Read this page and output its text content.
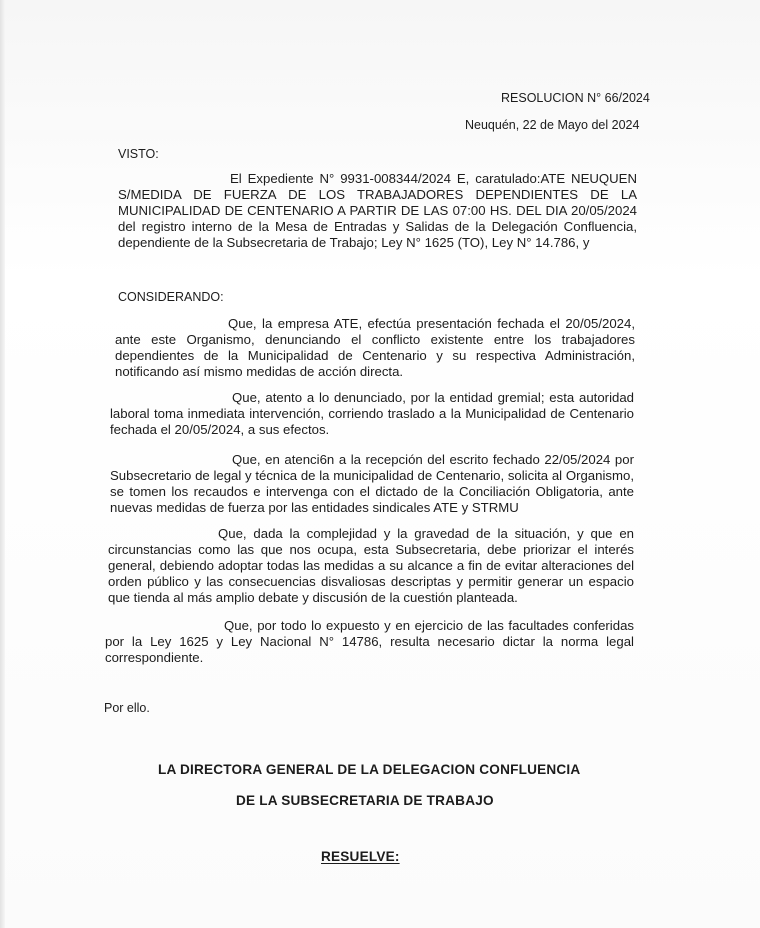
RESOLUCION N° 66/2024
Neuquén, 22 de Mayo del 2024
VISTO:
El Expediente N° 9931-008344/2024 E, caratulado:ATE NEUQUEN
S/MEDIDA DE FUERZA DE LOS TRABAJADORES DEPENDIENTES DE LA
MUNICIPALIDAD DE CENTENARIO A PARTIR DE LAS 07:00 HS. DEL DIA 20/05/2024
del registro interno de la Mesa de Entradas y Salidas de la Delegación Confluencia,
dependiente de la Subsecretaria de Trabajo; Ley N° 1625 (TO), Ley N° 14.786, y
CONSIDERANDO:
Que, la empresa ATE, efectúa presentación fechada el 20/05/2024,
ante este Organismo, denunciando el conflicto existente entre los trabajadores
dependientes de la Municipalidad de Centenario y su respectiva Administración,
notificando así mismo medidas de acción directa.
Que, atento a lo denunciado, por la entidad gremial; esta autoridad
laboral toma inmediata intervención, corriendo traslado a la Municipalidad de Centenario
fechada el 20/05/2024, a sus efectos.
Que, en atenci6n a la recepción del escrito fechado 22/05/2024 por
Subsecretario de legal y técnica de la municipalidad de Centenario, solicita al Organismo,
se tomen los recaudos e intervenga con el dictado de la Conciliación Obligatoria, ante
nuevas medidas de fuerza por las entidades sindicales ATE y STRMU
Que, dada la complejidad y la gravedad de la situación, y que en
circunstancias como las que nos ocupa, esta Subsecretaria, debe priorizar el interés
general, debiendo adoptar todas las medidas a su alcance a fin de evitar alteraciones del
orden público y las consecuencias disvaliosas descriptas y permitir generar un espacio
que tienda al más amplio debate y discusión de la cuestión planteada.
Que, por todo lo expuesto y en ejercicio de las facultades conferidas
por la Ley 1625 y Ley Nacional N° 14786, resulta necesario dictar la norma legal
correspondiente.
Por ello.
LA DIRECTORA GENERAL DE LA DELEGACION CONFLUENCIA
DE LA SUBSECRETARIA DE TRABAJO
RESUELVE:
